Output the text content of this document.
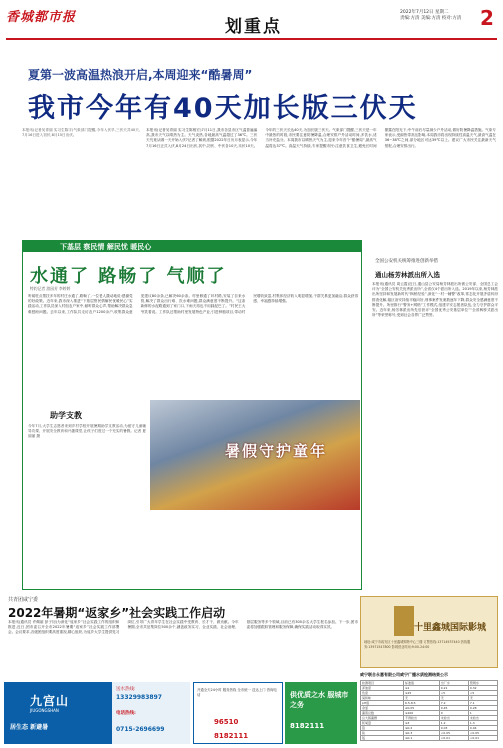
香城都市报	划重点
2022年7月12日 星期二
责编:方清 美编:方清 校对:方清 2
夏第一波高温热浪开启,本周迎来“酷暑周”
我市今年有40天加长版三伏天
本报讯(记者吴青丽 实习生陈宇)气象部门提醒,今年入伏早,三伏天共40天,7月16日进入初伏,8月15日出伏。
本报讯(记者吴青丽 实习生陈相宏)7月11日,我市各县市区气温普遍偏高,我市天气以晴热为主。天气炎热,各地最高气温超过了36℃。三伏天究竟从哪一天开始入伏?记者了解到,根据2022年日历月表显示,今年7月16日正式入伏,8月24日出伏,其中,初伏、中伏各10天,末伏10天。今年的三伏天长达40天,为加长版三伏天。气象部门提醒,三伏天是一年中最热的时段,市民要注意防暑降温,合理安排户外活动时间,多饮水,适当补充盐分。本周我市以晴热天气为主,迎来今年首个“酷暑周”,最高气温将达37℃。高温天气持续,专家提醒市民:注意饮食卫生,避免长时间暴露在阳光下;中午前后尽量减少户外活动,做好防暑降温措施。气象专家表示,受副热带高压影响,本周我市将出现持续性高温天气,最高气温在36~38℃之间,部分地区可达39℃以上。建议广大市民关注最新天气预报,合理安排出行。
下基层 察民情 解民忧 暖民心
水通了 路畅了 气顺了
特约记者 游园芳 李婷婷
听闻驻点帮扶多年的村庄水通了,路畅了,一位老人激动地说:感谢党的好政策。近年来,我市深入推进“下基层察民情解民忧暖民心”实践活动,工作队员深入村组农户家中,倾听群众心声,帮助解决群众急难愁盼问题。去年以来,工作队共走访农户1200余户,收集群众意见建议80余条,已解决60余条。村里修通了环村路,安装了自来水管,解决了群众出行难、饮水难问题,群众满意度不断提升。“这条新修的水泥路通到了家门口,下雨天再也不用踩泥巴了。”村民王大爷笑着说。工作队还帮助村里发展特色产业,引进种植项目,带动村民增收致富,村集体经济收入明显增加,干群关系更加融洽,群众获得感、幸福感持续增强。
助学支教
今年7月,大学生志愿者来到乡村学校开展暑期助学支教活动,为留守儿童辅导功课、开展安全教育和兴趣课堂,让孩子们度过一个充实的暑假。记者 夏丽丽 摄
暑假守护童年
全国公安机关统筹推进创新举措
通山杨芳林派出所入选
本报讯(通讯员 周云霞)近日,通山县公安局杨芳林派出所被公安部、全国总工会评为“全国公安机关优秀派出所”,全省仅4个派出所入选。2019年以来,杨芳林派出所坚持和发展新时代“枫桥经验”,深化“一村一辅警”改革,常态化开展矛盾纠纷排查化解,辖区治安持续平稳向好,刑事案件发案数逐年下降,群众安全感满意度不断提升。所里推行“警务+网格”工作模式,组建平安志愿者队伍,全力守护群众平安。近年来,杨芳林派出所先后获评“全国优秀公安基层单位”“全省枫桥式派出所”等荣誉称号,受到社会各界广泛赞誉。
共青团咸宁委
2022年暑期“返家乡”社会实践工作启动
本报讯(通讯员 许佩丽 彭子钊)为深化“返家乡”社会实践工作的组织和推进,近日,团市委召开全市2022年暑期“返家乡”社会实践工作部署会。会议要求,各级团组织要高度重视,精心组织,为返乡大学生提供见习岗位,引导广大青年学生在社会实践中受教育、长才干、做贡献。今年暑期,全市共征集岗位500余个,涵盖政务实习、企业实践、社会治理、基层服务等多个领域,目前已有300余名大学生报名参加。下一步,团市委将加强跟踪管理和服务保障,确保实践活动取得实效。
九宫山
JIUGONGSHAN
居生态 新避暑
送水热线:
13329983897
电话热线:
0715-2696699
开通全天24小时 服务热线 全市统一 送达上门 咨询电话
96510
8182111
供优质之水 服城市之务
8182111
十里鑫城国际影城
地址:咸宁市咸安区十里鑫城购物中心三楼 订票热线:13714937440 热线服务:13971547800 影城营业时间:9:00-24:00
咸宁联合永惠有限公司咸宁广播水质检测结果公示
检测项目	标准值	出厂水	管网水
浑浊度	≤1	0.21	0.32
色度	≤15	<5	<5
臭和味	无	无	无
pH值	6.5-8.5	7.2	7.1
余氯	≥0.05	0.45	0.28
菌落总数	≤100	0	1
总大肠菌群	不得检出	未检出	未检出
耗氧量	≤3	1.2	1.3
铝	≤0.2	0.03	0.04
铁	≤0.3	<0.05	<0.05
锰	≤0.1	<0.01	<0.01
